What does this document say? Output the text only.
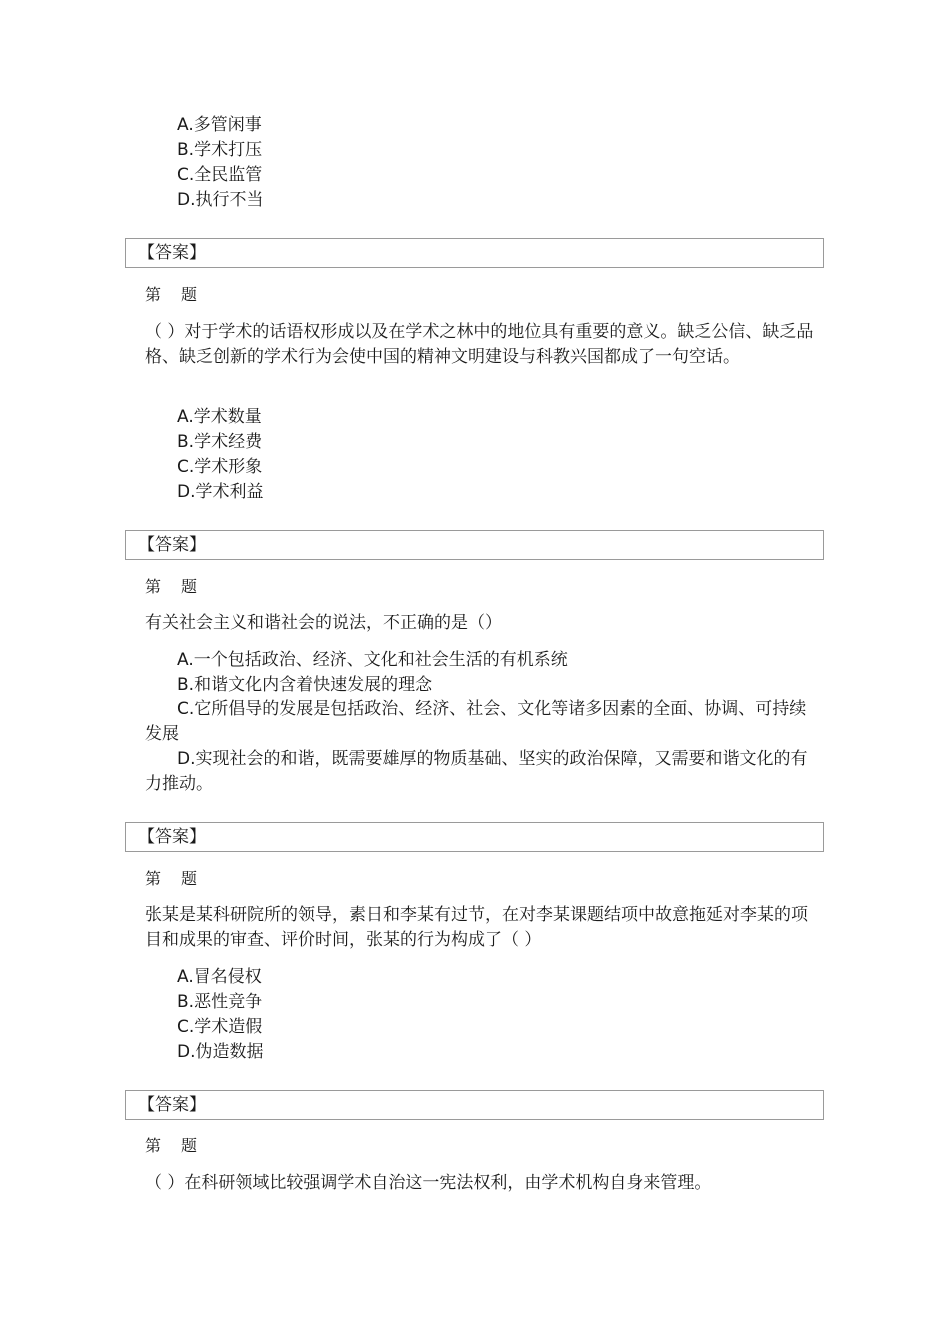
A.多管闲事
B.学术打压
C.全民监管
D.执行不当
【答案】
第题
（ ）对于学术的话语权形成以及在学术之林中的地位具有重要的意义。缺乏公信、缺乏品格、缺乏创新的学术行为会使中国的精神文明建设与科教兴国都成了一句空话。
A.学术数量
B.学术经费
C.学术形象
D.学术利益
【答案】
第题
有关社会主义和谐社会的说法，不正确的是（）
A.一个包括政治、经济、文化和社会生活的有机系统
B.和谐文化内含着快速发展的理念
C.它所倡导的发展是包括政治、经济、社会、文化等诸多因素的全面、协调、可持续发展
D.实现社会的和谐，既需要雄厚的物质基础、坚实的政治保障，又需要和谐文化的有力推动。
【答案】
第题
张某是某科研院所的领导，素日和李某有过节，在对李某课题结项中故意拖延对李某的项目和成果的审查、评价时间，张某的行为构成了（ ）
A.冒名侵权
B.恶性竞争
C.学术造假
D.伪造数据
【答案】
第题
（ ）在科研领域比较强调学术自治这一宪法权利，由学术机构自身来管理。
